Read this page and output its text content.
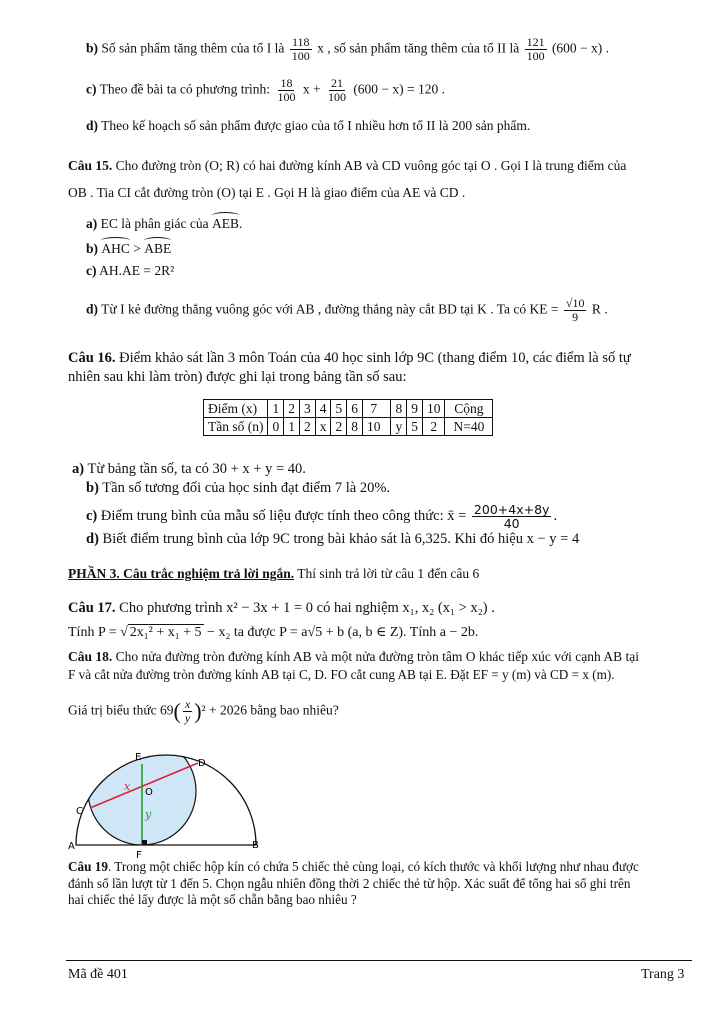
b) Số sản phẩm tăng thêm của tổ I là $\frac{118}{100}$ x , số sản phẩm tăng thêm của tổ II là $\frac{121}{100} (600 - x)$ .
c) Theo đề bài ta có phương trình: $\frac{18}{100}$ $x + \frac{21}{100} (600 - x) = 120$ .
d) Theo kế hoạch số sản phẩm được giao của tổ I nhiều hơn tổ II là 200 sản phẩm.
Câu 15. Cho đường tròn (O; R) có hai đường kính AB và CD vuông góc tại O . Gọi I là trung điểm của
OB . Tia CI cắt đường tròn (O) tại E . Gọi H là giao điểm của AE và CD .
a) EC là phân giác của AEB.
b) AHC > ABE
c) AH.AE = 2R²
d) Từ I kẻ đường thẳng vuông góc với AB , đường thẳng này cắt BD tại K . Ta có KE = $\frac{√10}{9}$ R .
Câu 16. Điểm khảo sát lần 3 môn Toán của 40 học sinh lớp 9C (thang điểm 10, các điểm là số tự
nhiên sau khi làm tròn) được ghi lại trong bảng tần số sau:
Điểm (x)	1	2	3	4	5	6	7	8	9	10	Cộng
Tần số (n)	0	1	2	x	2	8	10	y	5	2	N=40
a) Từ bảng tần số, ta có 30 + x + y = 40.
b) Tần số tương đối của học sinh đạt điểm 7 là 20%.
c) Điểm trung bình của mẫu số liệu được tính theo công thức: x̄ = $\frac{200+4x+8y}{40}$ .
d) Biết điểm trung bình của lớp 9C trong bài khảo sát là 6,325. Khi đó hiệu x − y = 4
PHẦN 3. Câu trắc nghiệm trả lời ngắn. Thí sinh trả lời từ câu 1 đến câu 6
Câu 17. Cho phương trình x² − 3x + 1 = 0 có hai nghiệm x₁, x₂ (x₁ > x₂) .
Tính P = √ 2x₁² + x₁ + 5 − x₂ ta được P = a√5 + b (a, b ∈ Z). Tính a − 2b.
Câu 18. Cho nửa đường tròn đường kính AB và một nửa đường tròn tâm O khác tiếp xúc với cạnh AB tại
F và cắt nửa đường tròn đường kính AB tại C, D. FO cắt cung AB tại E. Đặt EF = y (m) và CD = x (m).
Giá trị biểu thức $69( \frac{x}{y} )^2 + 2026$ bằng bao nhiêu?
A	B
C
D
E
F
O
x
y
Câu 19. Trong một chiếc hộp kín có chứa 5 chiếc thẻ cùng loại, có kích thước và khối lượng như nhau được
đánh số lần lượt từ 1 đến 5. Chọn ngẫu nhiên đồng thời 2 chiếc thẻ từ hộp. Xác suất để tổng hai số ghi trên
hai chiếc thẻ lấy được là một số chẵn bằng bao nhiêu ?
Mã đề 401	Trang 3
